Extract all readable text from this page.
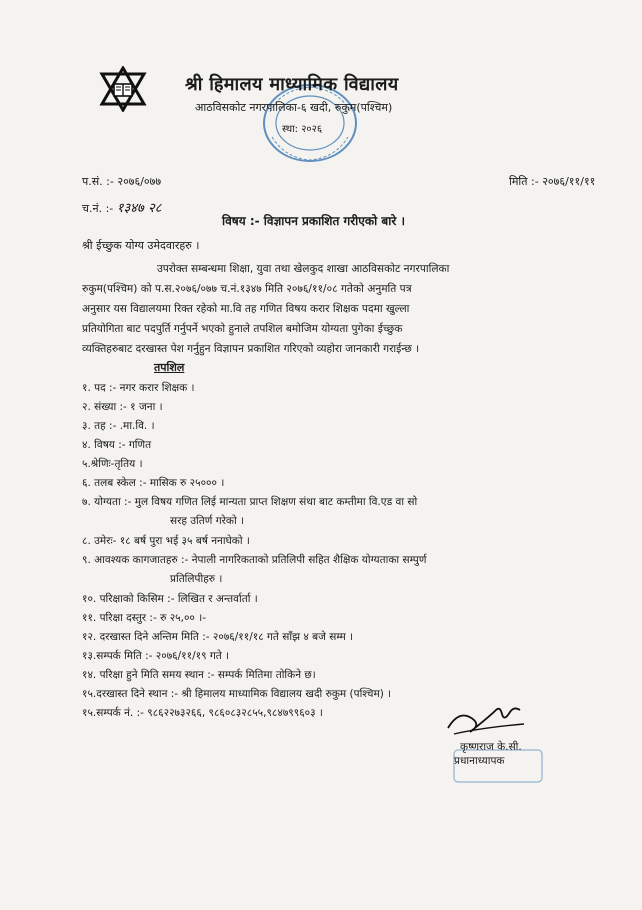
श्री हिमालय माध्यामिक विद्यालय
आठविसकोट नगरपालिका-६ खदी, रुकुम(पश्चिम)
स्था: २०२६
प.सं. :- २०७६/०७७	मिति :- २०७६/११/११
च.नं. :- १३४७ २८
विषय :- विज्ञापन प्रकाशित गरीएको बारे ।
श्री ईच्छुक योग्य उमेदवारहरु ।
उपरोक्त सम्बन्धमा शिक्षा, युवा तथा खेलकुद शाखा आठविसकोट नगरपालिका
रुकुम(पश्चिम) को प.स.२०७६/०७७ च.नं.१३४७ मिति २०७६/११/०८ गतेको अनुमति पत्र
अनुसार यस विद्यालयमा रिक्त रहेको मा.वि तह गणित विषय करार शिक्षक पदमा खुल्ला
प्रतियोगिता बाट पदपुर्ति गर्नुपर्ने भएको हुनाले तपशिल बमोजिम योग्यता पुगेका ईच्छुक
व्यक्तिहरुबाट दरखास्त पेश गर्नुहुन विज्ञापन प्रकाशित गरिएको व्यहोरा जानकारी गराईन्छ ।
तपशिल
१. पद :- नगर करार शिक्षक ।
२. संख्या :- १ जना ।
३. तह :- .मा.वि. ।
४. विषय :- गणित
५.श्रेणिः-तृतिय ।
६. तलब स्केल :- मासिक रु २५००० ।
७. योग्यता :- मुल विषय गणित लिई मान्यता प्राप्त शिक्षण संथा बाट कम्तीमा वि.एड वा सो
सरह उतिर्ण गरेको ।
८. उमेरः- १८ बर्ष पुरा भई ३५ बर्ष ननाघेको ।
९. आवश्यक कागजातहरु :- नेपाली नागरिकताको प्रतिलिपी सहित शैक्षिक योग्यताका सम्पुर्ण
प्रतिलिपीहरु ।
१०. परिक्षाको किसिम :- लिखित र अन्तर्वार्ता ।
११. परिक्षा दस्तुर :- रु २५,०० ।-
१२. दरखास्त दिने अन्तिम मिति :- २०७६/११/१८ गते साँझ ४ बजे सम्म ।
१३.सम्पर्क मिति :- २०७६/११/१९ गते ।
१४. परिक्षा हुने मिति समय स्थान :- सम्पर्क मितिमा तोकिने छ।
१५.दरखास्त दिने स्थान :- श्री हिमालय माध्यामिक विद्यालय खदी रुकुम (पश्चिम) ।
१५.सम्पर्क नं. :- ९८६२२७३२६६, ९८६०८३२८५५,९८४७९९६०३ ।
कृष्णराज के.सी.
प्रधानाध्यापक
